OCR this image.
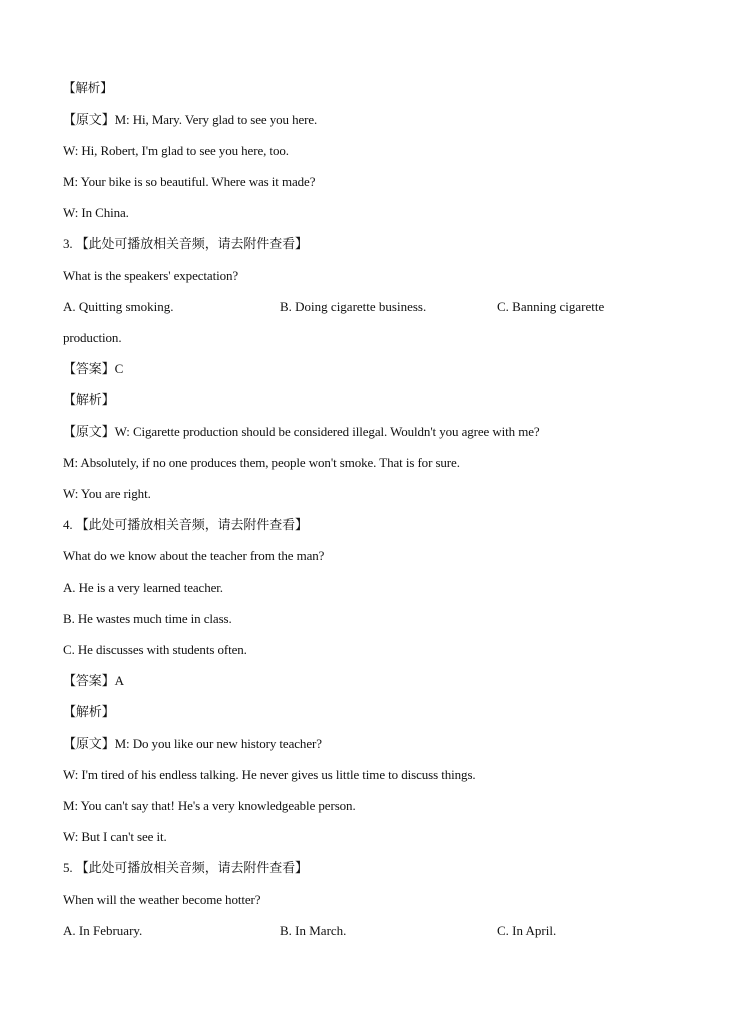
【解析】
【原文】M: Hi, Mary. Very glad to see you here.
W: Hi, Robert, I'm glad to see you here, too.
M: Your bike is so beautiful. Where was it made?
W: In China.
3. 【此处可播放相关音频，请去附件查看】
What is the speakers' expectation?
A. Quitting smoking.	B. Doing cigarette business.	C. Banning cigarette
production.
【答案】C
【解析】
【原文】W: Cigarette production should be considered illegal. Wouldn't you agree with me?
M: Absolutely, if no one produces them, people won't smoke. That is for sure.
W: You are right.
4. 【此处可播放相关音频，请去附件查看】
What do we know about the teacher from the man?
A. He is a very learned teacher.
B. He wastes much time in class.
C. He discusses with students often.
【答案】A
【解析】
【原文】M: Do you like our new history teacher?
W: I'm tired of his endless talking. He never gives us little time to discuss things.
M: You can't say that! He's a very knowledgeable person.
W: But I can't see it.
5. 【此处可播放相关音频，请去附件查看】
When will the weather become hotter?
A. In February.	B. In March.	C. In April.
